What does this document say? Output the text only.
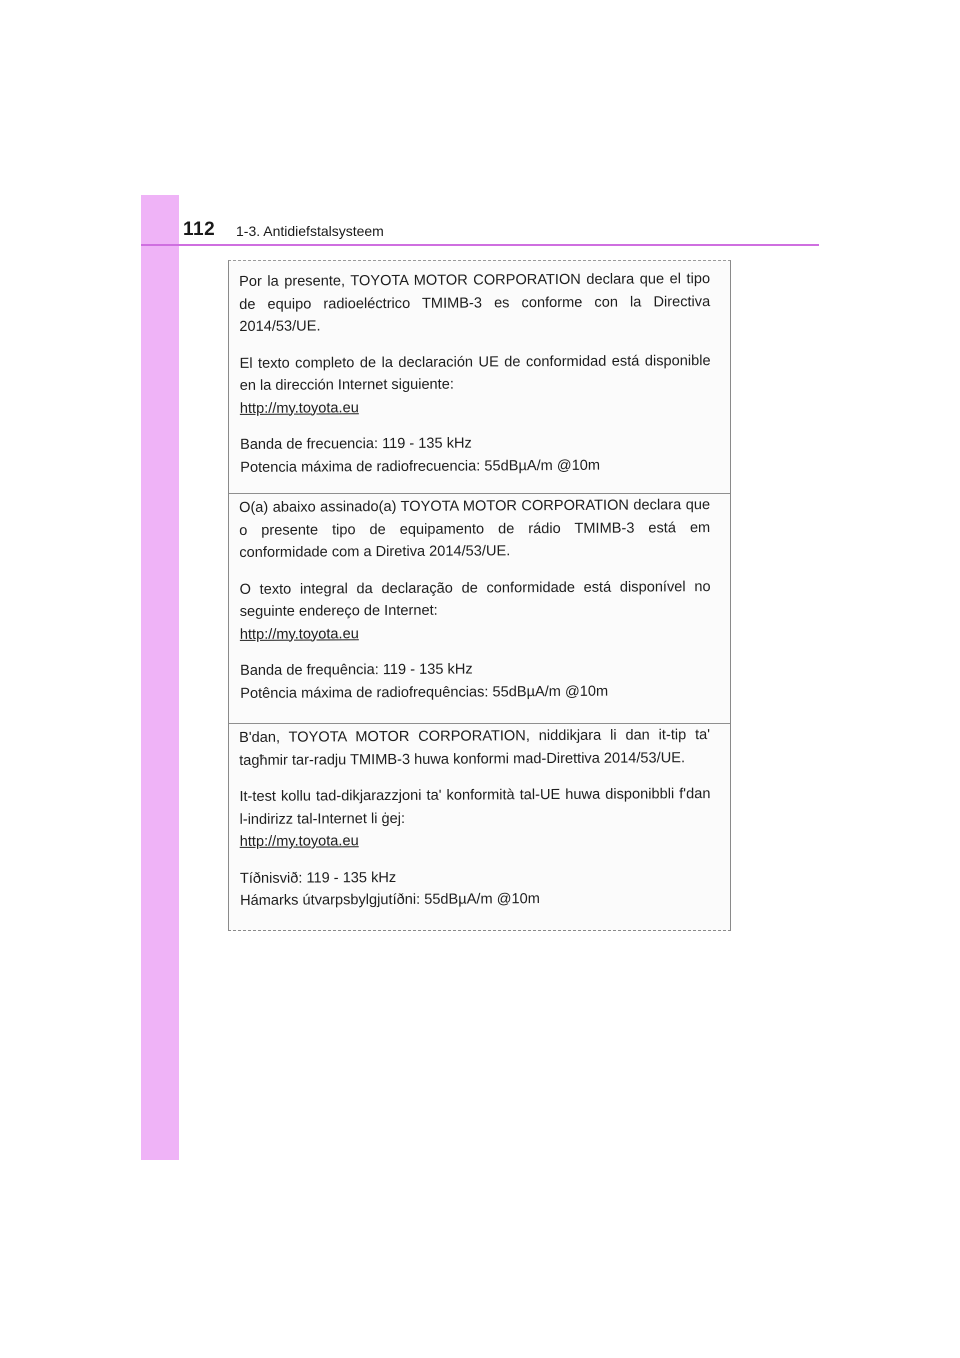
112 1-3. Antidiefstalsysteem

Por la presente, TOYOTA MOTOR CORPORATION declara que el tipo de equipo radioeléctrico TMIMB-3 es conforme con la Directiva 2014/53/UE.

El texto completo de la declaración UE de conformidad está disponible en la dirección Internet siguiente:
http://my.toyota.eu

Banda de frecuencia: 119 - 135 kHz
Potencia máxima de radiofrecuencia: 55dBµA/m @10m

O(a) abaixo assinado(a) TOYOTA MOTOR CORPORATION declara que o presente tipo de equipamento de rádio TMIMB-3 está em conformidade com a Diretiva 2014/53/UE.

O texto integral da declaração de conformidade está disponível no seguinte endereço de Internet:
http://my.toyota.eu

Banda de frequência: 119 - 135 kHz
Potência máxima de radiofrequências: 55dBµA/m @10m

B'dan, TOYOTA MOTOR CORPORATION, niddikjara li dan it-tip ta' tagħmir tar-radju TMIMB-3 huwa konformi mad-Direttiva 2014/53/UE.

It-test kollu tad-dikjarazzjoni ta' konformità tal-UE huwa disponibbli f'dan l-indirizz tal-Internet li ġej:
http://my.toyota.eu

Tíðnisvið: 119 - 135 kHz
Hámarks útvarpsbylgjutíðni: 55dBµA/m @10m
